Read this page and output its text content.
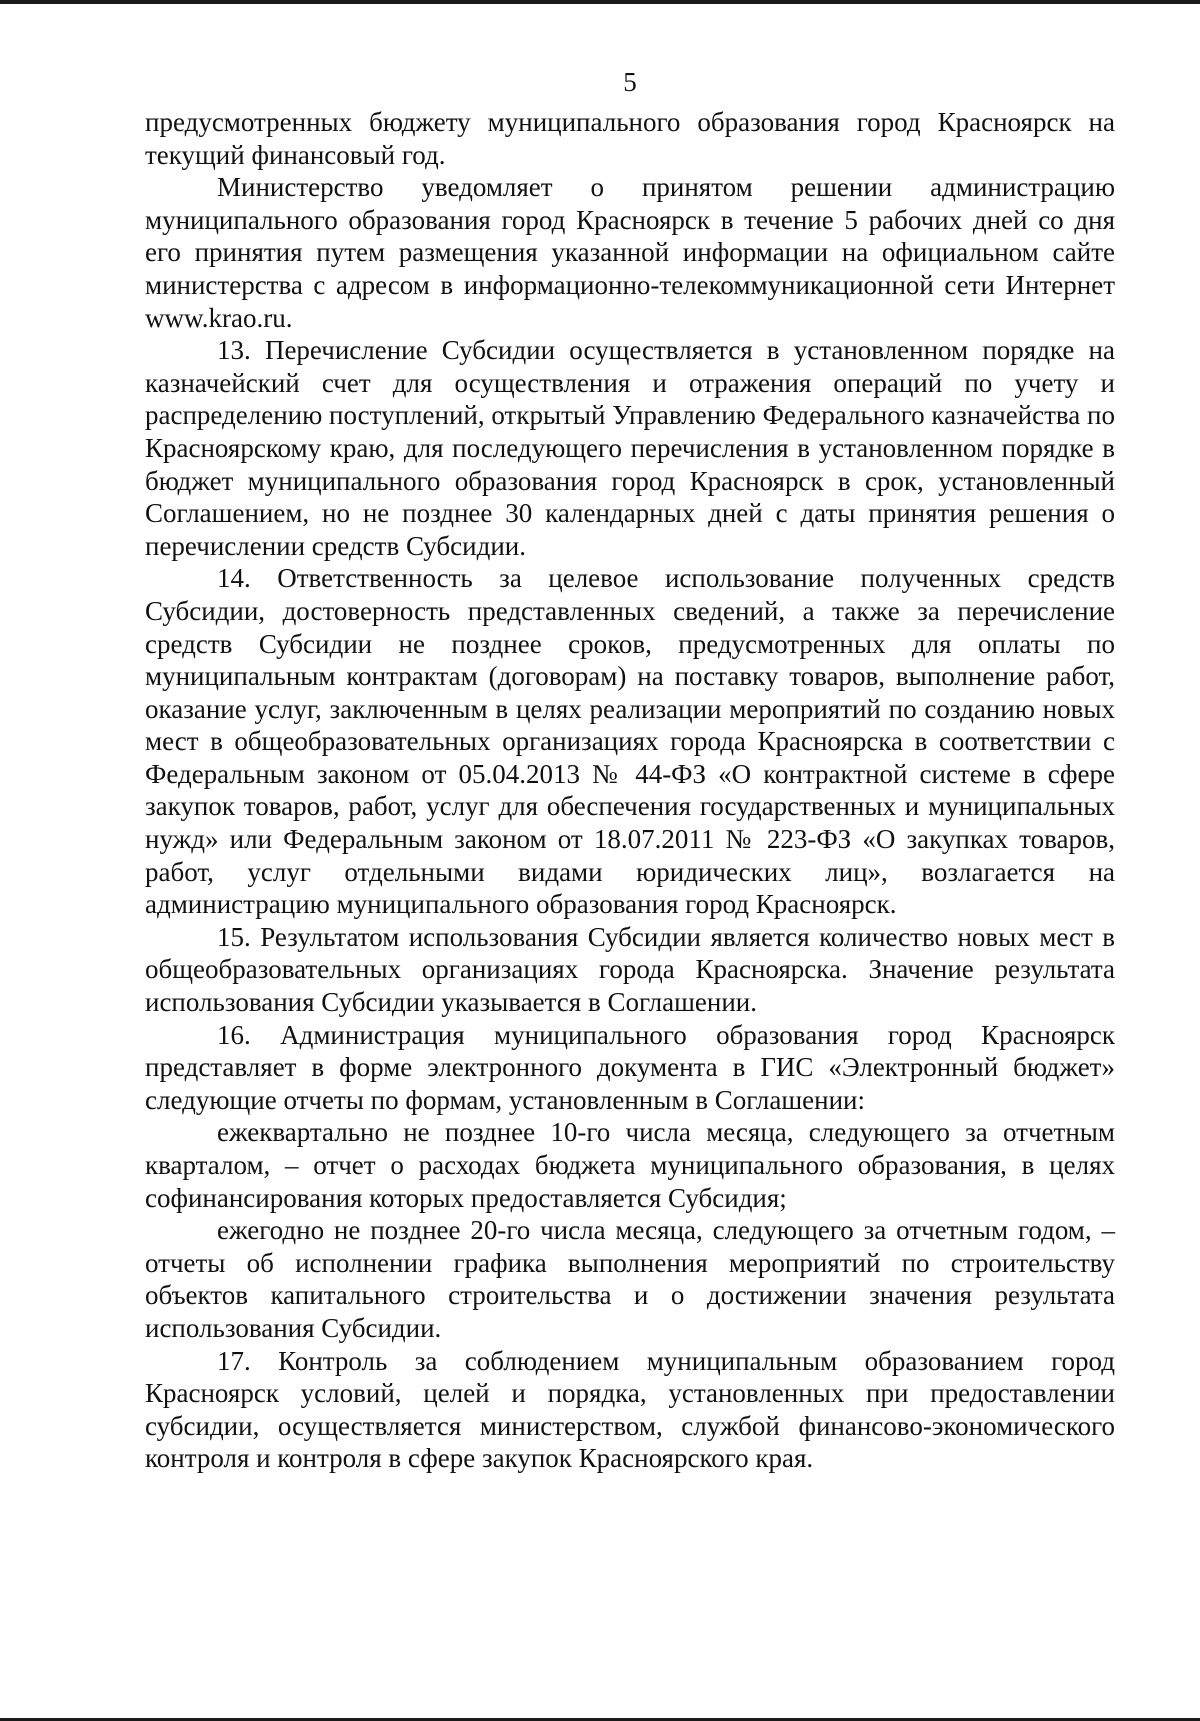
5

предусмотренных бюджету муниципального образования город Красноярск на текущий финансовый год.

Министерство уведомляет о принятом решении администрацию муниципального образования город Красноярск в течение 5 рабочих дней со дня его принятия путем размещения указанной информации на официальном сайте министерства с адресом в информационно-телекоммуникационной сети Интернет www.krao.ru.

13. Перечисление Субсидии осуществляется в установленном порядке на казначейский счет для осуществления и отражения операций по учету и распределению поступлений, открытый Управлению Федерального казначейства по Красноярскому краю, для последующего перечисления в установленном порядке в бюджет муниципального образования город Красноярск в срок, установленный Соглашением, но не позднее 30 календарных дней с даты принятия решения о перечислении средств Субсидии.

14. Ответственность за целевое использование полученных средств Субсидии, достоверность представленных сведений, а также за перечисление средств Субсидии не позднее сроков, предусмотренных для оплаты по муниципальным контрактам (договорам) на поставку товаров, выполнение работ, оказание услуг, заключенным в целях реализации мероприятий по созданию новых мест в общеобразовательных организациях города Красноярска в соответствии с Федеральным законом от 05.04.2013 № 44-ФЗ «О контрактной системе в сфере закупок товаров, работ, услуг для обеспечения государственных и муниципальных нужд» или Федеральным законом от 18.07.2011 № 223-ФЗ «О закупках товаров, работ, услуг отдельными видами юридических лиц», возлагается на администрацию муниципального образования город Красноярск.

15. Результатом использования Субсидии является количество новых мест в общеобразовательных организациях города Красноярска. Значение результата использования Субсидии указывается в Соглашении.

16. Администрация муниципального образования город Красноярск представляет в форме электронного документа в ГИС «Электронный бюджет» следующие отчеты по формам, установленным в Соглашении:

ежеквартально не позднее 10-го числа месяца, следующего за отчетным кварталом, – отчет о расходах бюджета муниципального образования, в целях софинансирования которых предоставляется Субсидия;

ежегодно не позднее 20-го числа месяца, следующего за отчетным годом, – отчеты об исполнении графика выполнения мероприятий по строительству объектов капитального строительства и о достижении значения результата использования Субсидии.

17. Контроль за соблюдением муниципальным образованием город Красноярск условий, целей и порядка, установленных при предоставлении субсидии, осуществляется министерством, службой финансово-экономического контроля и контроля в сфере закупок Красноярского края.
